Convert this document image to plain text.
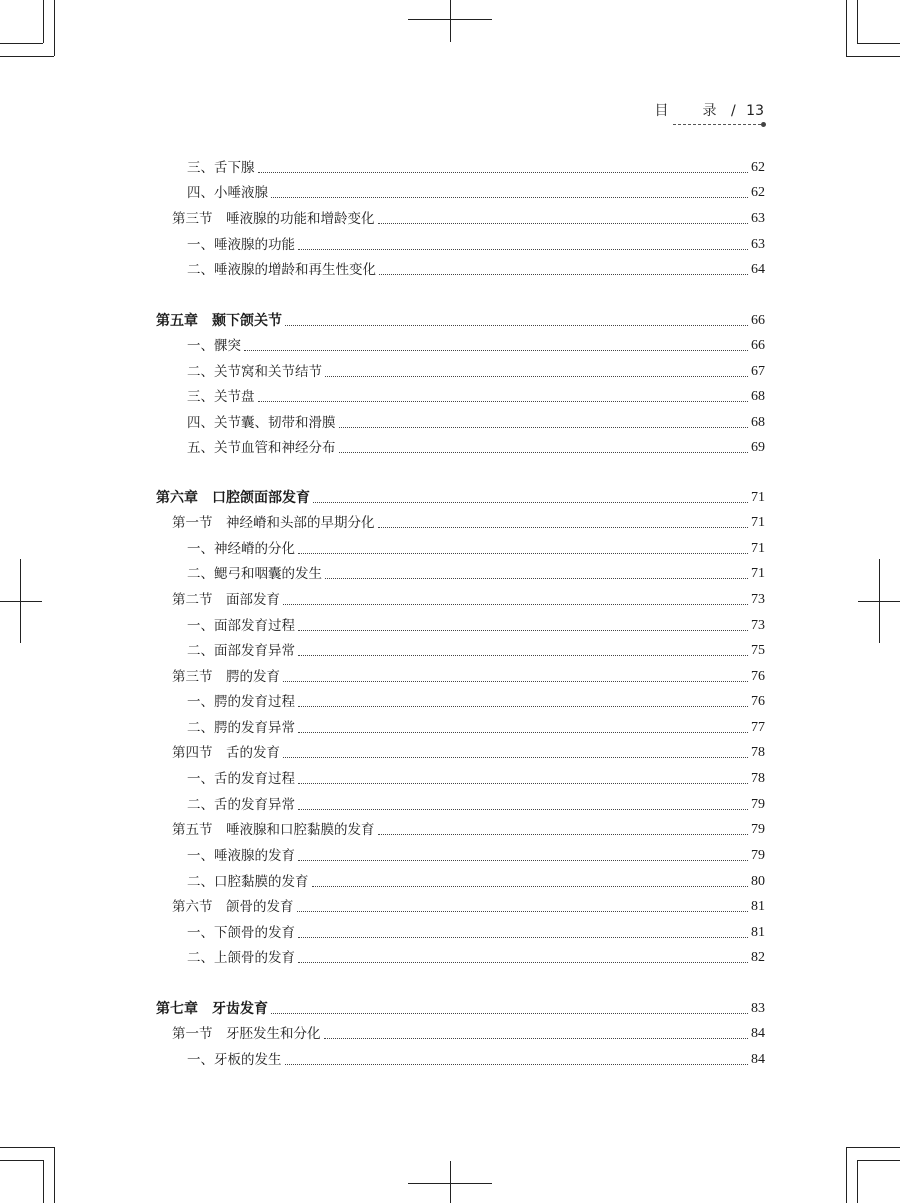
目　录 / 13
三、舌下腺	62
四、小唾液腺	62
第三节　唾液腺的功能和增龄变化	63
一、唾液腺的功能	63
二、唾液腺的增龄和再生性变化	64
第五章　颞下颌关节	66
一、髁突	66
二、关节窝和关节结节	67
三、关节盘	68
四、关节囊、韧带和滑膜	68
五、关节血管和神经分布	69
第六章　口腔颌面部发育	71
第一节　神经嵴和头部的早期分化	71
一、神经嵴的分化	71
二、鳃弓和咽囊的发生	71
第二节　面部发育	73
一、面部发育过程	73
二、面部发育异常	75
第三节　腭的发育	76
一、腭的发育过程	76
二、腭的发育异常	77
第四节　舌的发育	78
一、舌的发育过程	78
二、舌的发育异常	79
第五节　唾液腺和口腔黏膜的发育	79
一、唾液腺的发育	79
二、口腔黏膜的发育	80
第六节　颌骨的发育	81
一、下颌骨的发育	81
二、上颌骨的发育	82
第七章　牙齿发育	83
第一节　牙胚发生和分化	84
一、牙板的发生	84
